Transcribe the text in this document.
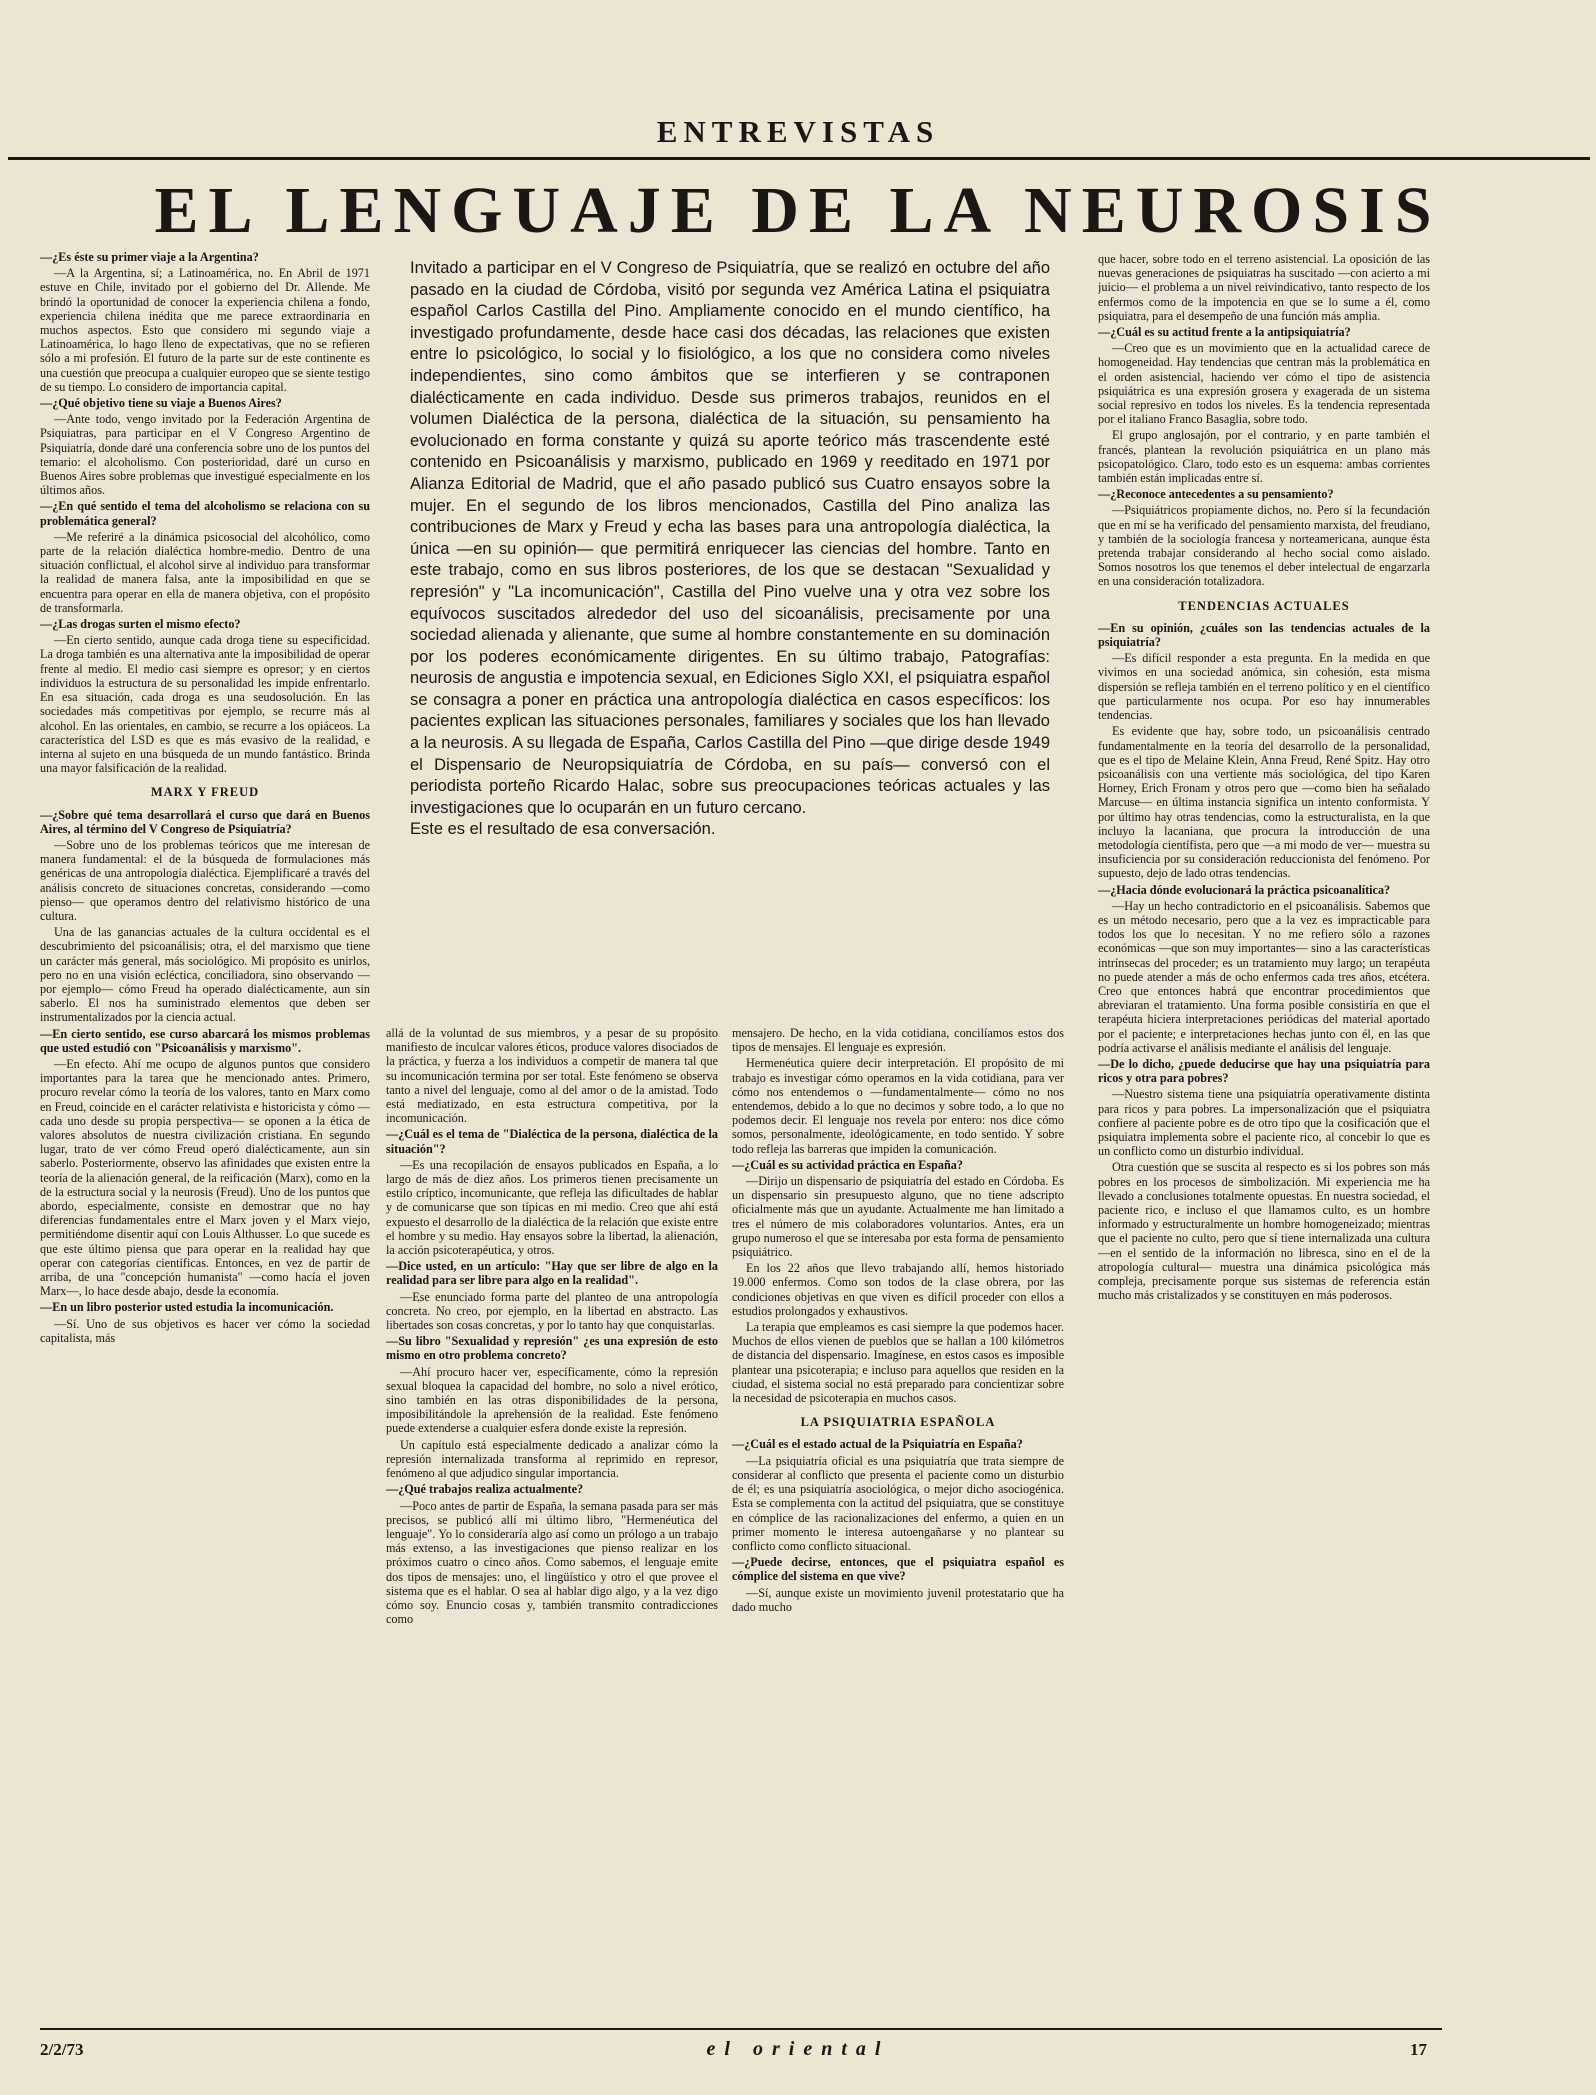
ENTREVISTAS
EL LENGUAJE DE LA NEUROSIS

—¿Es éste su primer viaje a la Argentina?

—A la Argentina, sí; a Latinoamérica, no. En Abril de 1971 estuve en Chile, invitado por el gobierno del Dr. Allende. Me brindó la oportunidad de conocer la experiencia chilena a fondo, experiencia chilena inédita que me parece extraordinaria en muchos aspectos. Esto que considero mi segundo viaje a Latinoamérica, lo hago lleno de expectativas, que no se refieren sólo a mi profesión. El futuro de la parte sur de este continente es una cuestión que preocupa a cualquier europeo que se siente testigo de su tiempo. Lo considero de importancia capital.

—¿Qué objetivo tiene su viaje a Buenos Aires?

—Ante todo, vengo invitado por la Federación Argentina de Psiquiatras, para participar en el V Congreso Argentino de Psiquiatría, donde daré una conferencia sobre uno de los puntos del temario: el alcoholismo. Con posterioridad, daré un curso en Buenos Aires sobre problemas que investigué especialmente en los últimos años.

—¿En qué sentido el tema del alcoholismo se relaciona con su problemática general?

—Me referiré a la dinámica psicosocial del alcohólico, como parte de la relación dialéctica hombre-medio. Dentro de una situación conflictual, el alcohol sirve al individuo para transformar la realidad de manera falsa, ante la imposibilidad en que se encuentra para operar en ella de manera objetiva, con el propósito de transformarla.

—¿Las drogas surten el mismo efecto?

—En cierto sentido, aunque cada droga tiene su especificidad. La droga también es una alternativa ante la imposibilidad de operar frente al medio. El medio casi siempre es opresor; y en ciertos individuos la estructura de su personalidad les impide enfrentarlo. En esa situación, cada droga es una seudosolución. En las sociedades más competitivas por ejemplo, se recurre más al alcohol. En las orientales, en cambio, se recurre a los opiáceos. La característica del LSD es que es más evasivo de la realidad, e interna al sujeto en una búsqueda de un mundo fantástico. Brinda una mayor falsificación de la realidad.

MARX Y FREUD

—¿Sobre qué tema desarrollará el curso que dará en Buenos Aires, al término del V Congreso de Psiquiatría?

—Sobre uno de los problemas teóricos que me interesan de manera fundamental: el de la búsqueda de formulaciones más genéricas de una antropología dialéctica. Ejemplificaré a través del análisis concreto de situaciones concretas, considerando —como pienso— que operamos dentro del relativismo histórico de una cultura.

Una de las ganancias actuales de la cultura occidental es el descubrimiento del psicoanálisis; otra, el del marxismo que tiene un carácter más general, más sociológico. Mi propósito es unirlos, pero no en una visión ecléctica, conciliadora, sino observando —por ejemplo— cómo Freud ha operado dialécticamente, aun sin saberlo. El nos ha suministrado elementos que deben ser instrumentalizados por la ciencia actual.

—En cierto sentido, ese curso abarcará los mismos problemas que usted estudió con "Psicoanálisis y marxismo".

—En efecto. Ahí me ocupo de algunos puntos que considero importantes para la tarea que he mencionado antes. Primero, procuro revelar cómo la teoría de los valores, tanto en Marx como en Freud, coincide en el carácter relativista e historicista y cómo —cada uno desde su propia perspectiva— se oponen a la ética de valores absolutos de nuestra civilización cristiana. En segundo lugar, trato de ver cómo Freud operó dialécticamente, aun sin saberlo. Posteriormente, observo las afinidades que existen entre la teoría de la alienación general, de la reificación (Marx), como en la de la estructura social y la neurosis (Freud). Uno de los puntos que abordo, especialmente, consiste en demostrar que no hay diferencias fundamentales entre el Marx joven y el Marx viejo, permitiéndome disentir aquí con Louis Althusser. Lo que sucede es que este último piensa que para operar en la realidad hay que operar con categorías científicas. Entonces, en vez de partir de arriba, de una "concepción humanista" —como hacía el joven Marx—, lo hace desde abajo, desde la economía.

—En un libro posterior usted estudia la incomunicación.

—Sí. Uno de sus objetivos es hacer ver cómo la sociedad capitalista, más

Invitado a participar en el V Congreso de Psiquiatría, que se realizó en octubre del año pasado en la ciudad de Córdoba, visitó por segunda vez América Latina el psiquiatra español Carlos Castilla del Pino. Ampliamente conocido en el mundo científico, ha investigado profundamente, desde hace casi dos décadas, las relaciones que existen entre lo psicológico, lo social y lo fisiológico, a los que no considera como niveles independientes, sino como ámbitos que se interfieren y se contraponen dialécticamente en cada individuo. Desde sus primeros trabajos, reunidos en el volumen Dialéctica de la persona, dialéctica de la situación, su pensamiento ha evolucionado en forma constante y quizá su aporte teórico más trascendente esté contenido en Psicoanálisis y marxismo, publicado en 1969 y reeditado en 1971 por Alianza Editorial de Madrid, que el año pasado publicó sus Cuatro ensayos sobre la mujer. En el segundo de los libros mencionados, Castilla del Pino analiza las contribuciones de Marx y Freud y echa las bases para una antropología dialéctica, la única —en su opinión— que permitirá enriquecer las ciencias del hombre. Tanto en este trabajo, como en sus libros posteriores, de los que se destacan "Sexualidad y represión" y "La incomunicación", Castilla del Pino vuelve una y otra vez sobre los equívocos suscitados alrededor del uso del sicoanálisis, precisamente por una sociedad alienada y alienante, que sume al hombre constantemente en su dominación por los poderes económicamente dirigentes. En su último trabajo, Patografías: neurosis de angustia e impotencia sexual, en Ediciones Siglo XXI, el psiquiatra español se consagra a poner en práctica una antropología dialéctica en casos específicos: los pacientes explican las situaciones personales, familiares y sociales que los han llevado a la neurosis. A su llegada de España, Carlos Castilla del Pino —que dirige desde 1949 el Dispensario de Neuropsiquiatría de Córdoba, en su país— conversó con el periodista porteño Ricardo Halac, sobre sus preocupaciones teóricas actuales y las investigaciones que lo ocuparán en un futuro cercano.

Este es el resultado de esa conversación.

allá de la voluntad de sus miembros, y a pesar de su propósito manifiesto de inculcar valores éticos, produce valores disociados de la práctica, y fuerza a los individuos a competir de manera tal que su incomunicación termina por ser total. Este fenómeno se observa tanto a nivel del lenguaje, como al del amor o de la amistad. Todo está mediatizado, en esta estructura competitiva, por la incomunicación.

—¿Cuál es el tema de "Dialéctica de la persona, dialéctica de la situación"?

—Es una recopilación de ensayos publicados en España, a lo largo de más de diez años. Los primeros tienen precisamente un estilo críptico, incomunicante, que refleja las dificultades de hablar y de comunicarse que son típicas en mi medio. Creo que ahí está expuesto el desarrollo de la dialéctica de la relación que existe entre el hombre y su medio. Hay ensayos sobre la libertad, la alienación, la acción psicoterapéutica, y otros.

—Dice usted, en un artículo: "Hay que ser libre de algo en la realidad para ser libre para algo en la realidad".

—Ese enunciado forma parte del planteo de una antropología concreta. No creo, por ejemplo, en la libertad en abstracto. Las libertades son cosas concretas, y por lo tanto hay que conquistarlas.

—Su libro "Sexualidad y represión" ¿es una expresión de esto mismo en otro problema concreto?

—Ahí procuro hacer ver, específicamente, cómo la represión sexual bloquea la capacidad del hombre, no solo a nivel erótico, sino también en las otras disponibilidades de la persona, imposibilitándole la aprehensión de la realidad. Este fenómeno puede extenderse a cualquier esfera donde existe la represión.

Un capítulo está especialmente dedicado a analizar cómo la represión internalizada transforma al reprimido en represor, fenómeno al que adjudico singular importancia.

—¿Qué trabajos realiza actualmente?

—Poco antes de partir de España, la semana pasada para ser más precisos, se publicó allí mi último libro, "Hermenéutica del lenguaje". Yo lo consideraría algo así como un prólogo a un trabajo más extenso, a las investigaciones que pienso realizar en los próximos cuatro o cinco años. Como sabemos, el lenguaje emite dos tipos de mensajes: uno, el lingüístico y otro el que provee el sistema que es el hablar. O sea al hablar digo algo, y a la vez digo cómo soy. Enuncio cosas y, también transmito contradicciones como

mensajero. De hecho, en la vida cotidiana, concilíamos estos dos tipos de mensajes. El lenguaje es expresión.

Hermenéutica quiere decir interpretación. El propósito de mi trabajo es investigar cómo operamos en la vida cotidiana, para ver cómo nos entendemos o —fundamentalmente— cómo no nos entendemos, debido a lo que no decimos y sobre todo, a lo que no podemos decir. El lenguaje nos revela por entero: nos dice cómo somos, personalmente, ideológicamente, en todo sentido. Y sobre todo refleja las barreras que impiden la comunicación.

—¿Cuál es su actividad práctica en España?

—Dirijo un dispensario de psiquiatría del estado en Córdoba. Es un dispensario sin presupuesto alguno, que no tiene adscripto oficialmente más que un ayudante. Actualmente me han limitado a tres el número de mis colaboradores voluntarios. Antes, era un grupo numeroso el que se interesaba por esta forma de pensamiento psiquiátrico.

En los 22 años que llevo trabajando allí, hemos historiado 19.000 enfermos. Como son todos de la clase obrera, por las condiciones objetivas en que viven es difícil proceder con ellos a estudios prolongados y exhaustivos.

La terapia que empleamos es casi siempre la que podemos hacer. Muchos de ellos vienen de pueblos que se hallan a 100 kilómetros de distancia del dispensario. Imagínese, en estos casos es imposible plantear una psicoterapia; e incluso para aquellos que residen en la ciudad, el sistema social no está preparado para concientizar sobre la necesidad de psicoterapia en muchos casos.

LA PSIQUIATRIA ESPAÑOLA

—¿Cuál es el estado actual de la Psiquiatría en España?

—La psiquiatría oficial es una psiquiatría que trata siempre de considerar al conflicto que presenta el paciente como un disturbio de él; es una psiquiatría asociológica, o mejor dicho asociogénica. Esta se complementa con la actitud del psiquiatra, que se constituye en cómplice de las racionalizaciones del enfermo, a quien en un primer momento le interesa autoengañarse y no plantear su conflicto como conflicto situacional.

—¿Puede decirse, entonces, que el psiquiatra español es cómplice del sistema en que vive?

—Sí, aunque existe un movimiento juvenil protestatario que ha dado mucho

que hacer, sobre todo en el terreno asistencial. La oposición de las nuevas generaciones de psiquiatras ha suscitado —con acierto a mi juicio— el problema a un nivel reivindicativo, tanto respecto de los enfermos como de la impotencia en que se lo sume a él, como psiquiatra, para el desempeño de una función más amplia.

—¿Cuál es su actitud frente a la antipsiquiatría?

—Creo que es un movimiento que en la actualidad carece de homogeneidad. Hay tendencias que centran más la problemática en el orden asistencial, haciendo ver cómo el tipo de asistencia psiquiátrica es una expresión grosera y exagerada de un sistema social represivo en todos los niveles. Es la tendencia representada por el italiano Franco Basaglia, sobre todo.

El grupo anglosajón, por el contrario, y en parte también el francés, plantean la revolución psiquiátrica en un plano más psicopatológico. Claro, todo esto es un esquema: ambas corrientes también están implicadas entre sí.

—¿Reconoce antecedentes a su pensamiento?

—Psiquiátricos propiamente dichos, no. Pero sí la fecundación que en mí se ha verificado del pensamiento marxista, del freudiano, y también de la sociología francesa y norteamericana, aunque ésta pretenda trabajar considerando al hecho social como aislado. Somos nosotros los que tenemos el deber intelectual de engarzarla en una consideración totalizadora.

TENDENCIAS ACTUALES

—En su opinión, ¿cuáles son las tendencias actuales de la psiquiatría?

—Es difícil responder a esta pregunta. En la medida en que vivimos en una sociedad anómica, sin cohesión, esta misma dispersión se refleja también en el terreno político y en el científico que particularmente nos ocupa. Por eso hay innumerables tendencias.

Es evidente que hay, sobre todo, un psicoanálisis centrado fundamentalmente en la teoría del desarrollo de la personalidad, que es el tipo de Melaine Klein, Anna Freud, René Spitz. Hay otro psicoanálisis con una vertiente más sociológica, del tipo Karen Horney, Erich Fronam y otros pero que —como bien ha señalado Marcuse— en última instancia significa un intento conformista. Y por último hay otras tendencias, como la estructuralista, en la que incluyo la lacaniana, que procura la introducción de una metodología científista, pero que —a mi modo de ver— muestra su insuficiencia por su consideración reduccionista del fenómeno. Por supuesto, dejo de lado otras tendencias.

—¿Hacia dónde evolucionará la práctica psicoanalítica?

—Hay un hecho contradictorio en el psicoanálisis. Sabemos que es un método necesario, pero que a la vez es impracticable para todos los que lo necesitan. Y no me refiero sólo a razones económicas —que son muy importantes— sino a las características intrínsecas del proceder; es un tratamiento muy largo; un terapéuta no puede atender a más de ocho enfermos cada tres años, etcétera. Creo que entonces habrá que encontrar procedimientos que abreviaran el tratamiento. Una forma posible consistiría en que el terapéuta hiciera interpretaciones periódicas del material aportado por el paciente; e interpretaciones hechas junto con él, en las que podría activarse el análisis mediante el análisis del lenguaje.

—De lo dicho, ¿puede deducirse que hay una psiquiatría para ricos y otra para pobres?

—Nuestro sistema tiene una psiquiatría operativamente distinta para ricos y para pobres. La impersonalización que el psiquiatra confiere al paciente pobre es de otro tipo que la cosificación que el psiquiatra implementa sobre el paciente rico, al concebir lo que es un conflicto como un disturbio individual.

Otra cuestión que se suscita al respecto es si los pobres son más pobres en los procesos de simbolización. Mi experiencia me ha llevado a conclusiones totalmente opuestas. En nuestra sociedad, el paciente rico, e incluso el que llamamos culto, es un hombre informado y estructuralmente un hombre homogeneizado; mientras que el paciente no culto, pero que sí tiene internalizada una cultura —en el sentido de la información no libresca, sino en el de la atropología cultural— muestra una dinámica psicológica más compleja, precisamente porque sus sistemas de referencia están mucho más cristalizados y se constituyen en más poderosos.

2/2/73	el oriental	17
